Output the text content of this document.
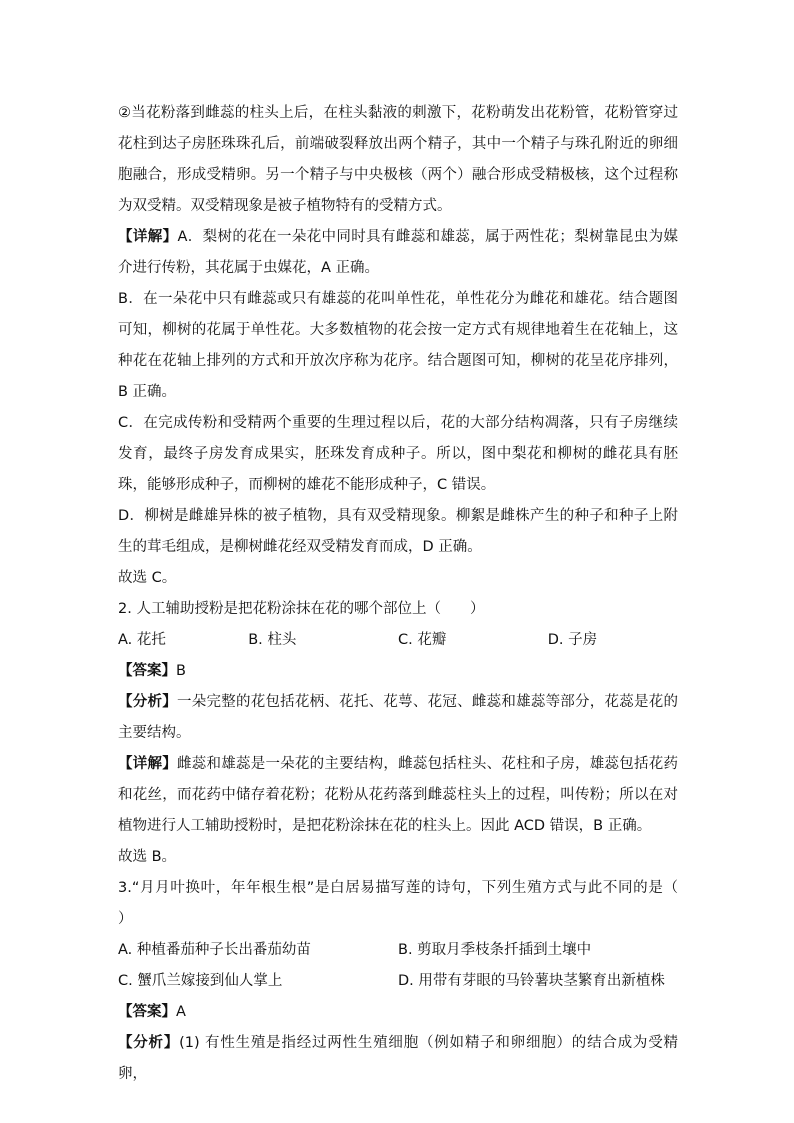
②当花粉落到雌蕊的柱头上后，在柱头黏液的刺激下，花粉萌发出花粉管，花粉管穿过花柱到达子房胚珠珠孔后，前端破裂释放出两个精子，其中一个精子与珠孔附近的卵细胞融合，形成受精卵。另一个精子与中央极核（两个）融合形成受精极核，这个过程称为双受精。双受精现象是被子植物特有的受精方式。

【详解】A．梨树的花在一朵花中同时具有雌蕊和雄蕊，属于两性花；梨树靠昆虫为媒介进行传粉，其花属于虫媒花，A 正确。

B．在一朵花中只有雌蕊或只有雄蕊的花叫单性花，单性花分为雌花和雄花。结合题图可知，柳树的花属于单性花。大多数植物的花会按一定方式有规律地着生在花轴上，这种花在花轴上排列的方式和开放次序称为花序。结合题图可知，柳树的花呈花序排列，B 正确。

C．在完成传粉和受精两个重要的生理过程以后，花的大部分结构凋落，只有子房继续发育，最终子房发育成果实，胚珠发育成种子。所以，图中梨花和柳树的雌花具有胚珠，能够形成种子，而柳树的雄花不能形成种子，C 错误。

D．柳树是雌雄异株的被子植物，具有双受精现象。柳絮是雌株产生的种子和种子上附生的茸毛组成，是柳树雌花经双受精发育而成，D 正确。

故选 C。

2. 人工辅助授粉是把花粉涂抹在花的哪个部位上（　　）

A. 花托	B. 柱头	C. 花瓣	D. 子房

【答案】B

【分析】一朵完整的花包括花柄、花托、花萼、花冠、雌蕊和雄蕊等部分，花蕊是花的主要结构。

【详解】雌蕊和雄蕊是一朵花的主要结构，雌蕊包括柱头、花柱和子房，雄蕊包括花药和花丝，而花药中储存着花粉；花粉从花药落到雌蕊柱头上的过程，叫传粉；所以在对植物进行人工辅助授粉时，是把花粉涂抹在花的柱头上。因此 ACD 错误，B 正确。

故选 B。

3.“月月叶换叶，年年根生根”是白居易描写莲的诗句，下列生殖方式与此不同的是（　　）

A. 种植番茄种子长出番茄幼苗	B. 剪取月季枝条扦插到土壤中
C. 蟹爪兰嫁接到仙人掌上	D. 用带有芽眼的马铃薯块茎繁育出新植株

【答案】A

【分析】(1) 有性生殖是指经过两性生殖细胞（例如精子和卵细胞）的结合成为受精卵，
